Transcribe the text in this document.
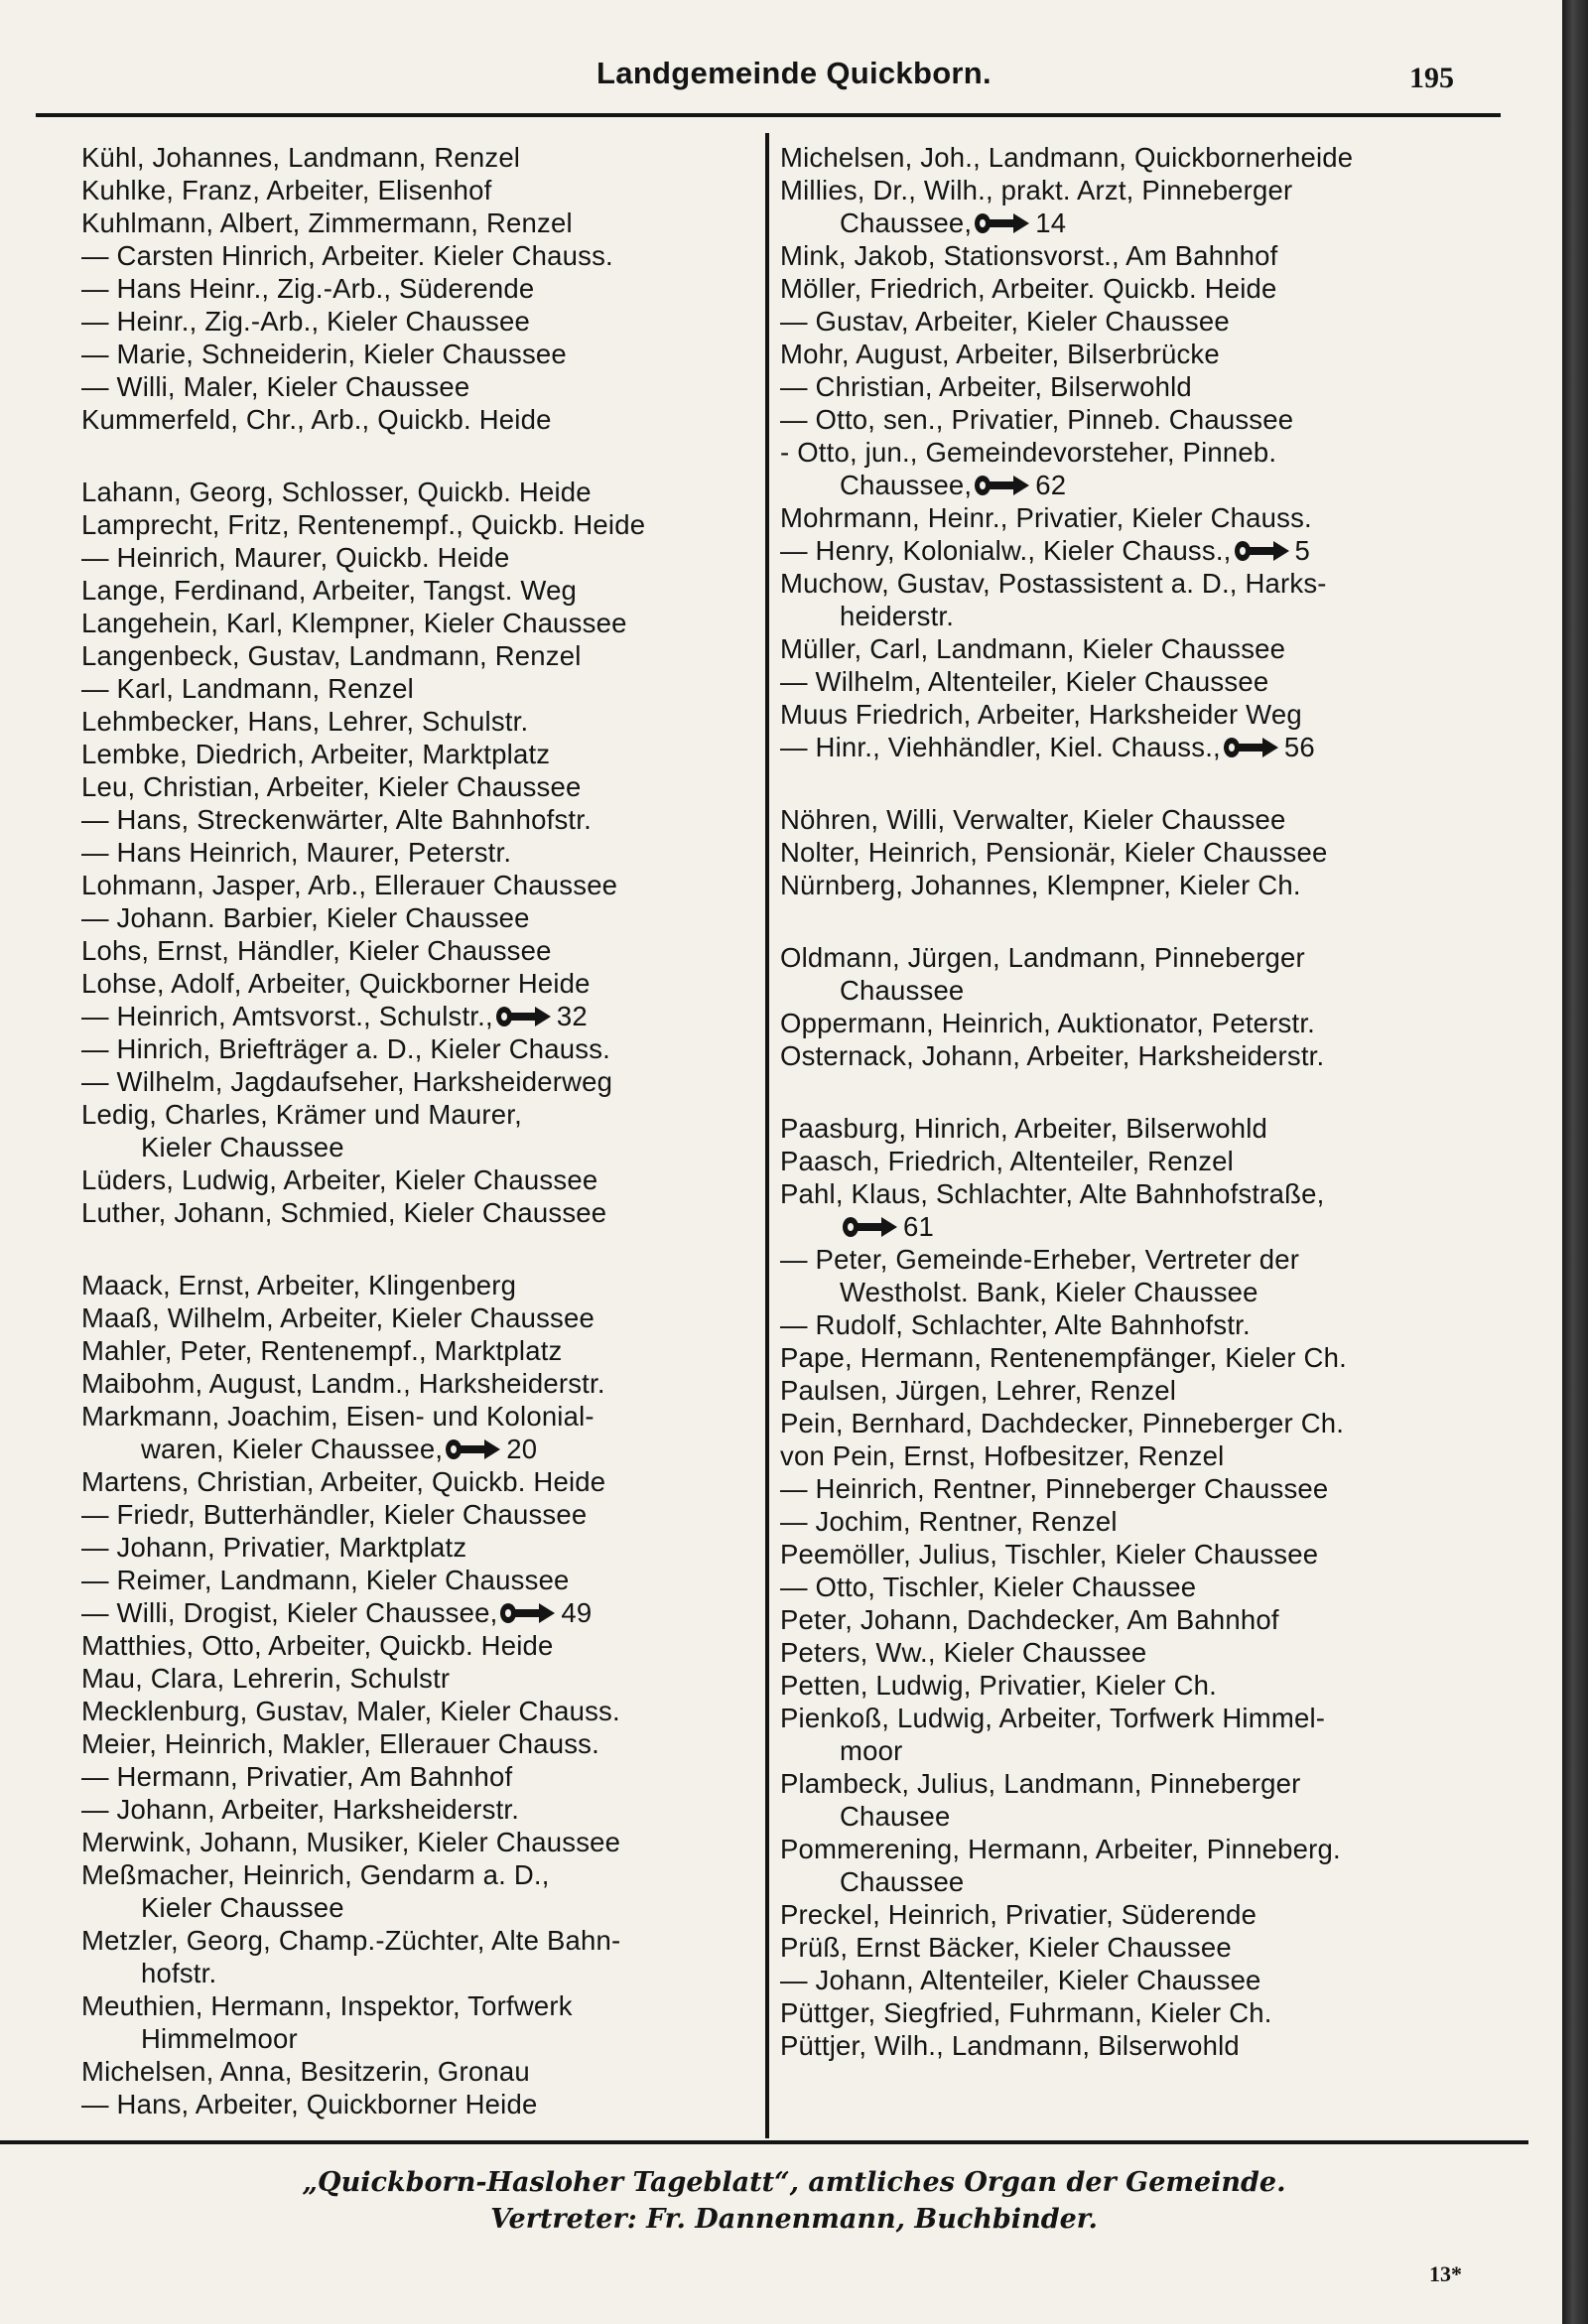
Landgemeinde Quickborn.	195
Kühl, Johannes, Landmann, Renzel
Kuhlke, Franz, Arbeiter, Elisenhof
Kuhlmann, Albert, Zimmermann, Renzel
— Carsten Hinrich, Arbeiter. Kieler Chauss.
— Hans Heinr., Zig.-Arb., Süderende
— Heinr., Zig.-Arb., Kieler Chaussee
— Marie, Schneiderin, Kieler Chaussee
— Willi, Maler, Kieler Chaussee
Kummerfeld, Chr., Arb., Quickb. Heide
Lahann, Georg, Schlosser, Quickb. Heide
Lamprecht, Fritz, Rentenempf., Quickb. Heide
— Heinrich, Maurer, Quickb. Heide
Lange, Ferdinand, Arbeiter, Tangst. Weg
Langehein, Karl, Klempner, Kieler Chaussee
Langenbeck, Gustav, Landmann, Renzel
— Karl, Landmann, Renzel
Lehmbecker, Hans, Lehrer, Schulstr.
Lembke, Diedrich, Arbeiter, Marktplatz
Leu, Christian, Arbeiter, Kieler Chaussee
— Hans, Streckenwärter, Alte Bahnhofstr.
— Hans Heinrich, Maurer, Peterstr.
Lohmann, Jasper, Arb., Ellerauer Chaussee
— Johann. Barbier, Kieler Chaussee
Lohs, Ernst, Händler, Kieler Chaussee
Lohse, Adolf, Arbeiter, Quickborner Heide
— Heinrich, Amtsvorst., Schulstr., 32
— Hinrich, Briefträger a. D., Kieler Chauss.
— Wilhelm, Jagdaufseher, Harksheiderweg
Ledig, Charles, Krämer und Maurer,
Kieler Chaussee
Lüders, Ludwig, Arbeiter, Kieler Chaussee
Luther, Johann, Schmied, Kieler Chaussee
Maack, Ernst, Arbeiter, Klingenberg
Maaß, Wilhelm, Arbeiter, Kieler Chaussee
Mahler, Peter, Rentenempf., Marktplatz
Maibohm, August, Landm., Harksheiderstr.
Markmann, Joachim, Eisen- und Kolonial-
waren, Kieler Chaussee, 20
Martens, Christian, Arbeiter, Quickb. Heide
— Friedr, Butterhändler, Kieler Chaussee
— Johann, Privatier, Marktplatz
— Reimer, Landmann, Kieler Chaussee
— Willi, Drogist, Kieler Chaussee, 49
Matthies, Otto, Arbeiter, Quickb. Heide
Mau, Clara, Lehrerin, Schulstr
Mecklenburg, Gustav, Maler, Kieler Chauss.
Meier, Heinrich, Makler, Ellerauer Chauss.
— Hermann, Privatier, Am Bahnhof
— Johann, Arbeiter, Harksheiderstr.
Merwink, Johann, Musiker, Kieler Chaussee
Meßmacher, Heinrich, Gendarm a. D.,
Kieler Chaussee
Metzler, Georg, Champ.-Züchter, Alte Bahn-
hofstr.
Meuthien, Hermann, Inspektor, Torfwerk
Himmelmoor
Michelsen, Anna, Besitzerin, Gronau
— Hans, Arbeiter, Quickborner Heide
Michelsen, Joh., Landmann, Quickbornerheide
Millies, Dr., Wilh., prakt. Arzt, Pinneberger
Chaussee, 14
Mink, Jakob, Stationsvorst., Am Bahnhof
Möller, Friedrich, Arbeiter. Quickb. Heide
— Gustav, Arbeiter, Kieler Chaussee
Mohr, August, Arbeiter, Bilserbrücke
— Christian, Arbeiter, Bilserwohld
— Otto, sen., Privatier, Pinneb. Chaussee
- Otto, jun., Gemeindevorsteher, Pinneb.
Chaussee, 62
Mohrmann, Heinr., Privatier, Kieler Chauss.
— Henry, Kolonialw., Kieler Chauss., 5
Muchow, Gustav, Postassistent a. D., Harks-
heiderstr.
Müller, Carl, Landmann, Kieler Chaussee
— Wilhelm, Altenteiler, Kieler Chaussee
Muus Friedrich, Arbeiter, Harksheider Weg
— Hinr., Viehhändler, Kiel. Chauss., 56
Nöhren, Willi, Verwalter, Kieler Chaussee
Nolter, Heinrich, Pensionär, Kieler Chaussee
Nürnberg, Johannes, Klempner, Kieler Ch.
Oldmann, Jürgen, Landmann, Pinneberger
Chaussee
Oppermann, Heinrich, Auktionator, Peterstr.
Osternack, Johann, Arbeiter, Harksheiderstr.
Paasburg, Hinrich, Arbeiter, Bilserwohld
Paasch, Friedrich, Altenteiler, Renzel
Pahl, Klaus, Schlachter, Alte Bahnhofstraße,
61
— Peter, Gemeinde-Erheber, Vertreter der
Westholst. Bank, Kieler Chaussee
— Rudolf, Schlachter, Alte Bahnhofstr.
Pape, Hermann, Rentenempfänger, Kieler Ch.
Paulsen, Jürgen, Lehrer, Renzel
Pein, Bernhard, Dachdecker, Pinneberger Ch.
von Pein, Ernst, Hofbesitzer, Renzel
— Heinrich, Rentner, Pinneberger Chaussee
— Jochim, Rentner, Renzel
Peemöller, Julius, Tischler, Kieler Chaussee
— Otto, Tischler, Kieler Chaussee
Peter, Johann, Dachdecker, Am Bahnhof
Peters, Ww., Kieler Chaussee
Petten, Ludwig, Privatier, Kieler Ch.
Pienkoß, Ludwig, Arbeiter, Torfwerk Himmel-
moor
Plambeck, Julius, Landmann, Pinneberger
Chausee
Pommerening, Hermann, Arbeiter, Pinneberg.
Chaussee
Preckel, Heinrich, Privatier, Süderende
Prüß, Ernst Bäcker, Kieler Chaussee
— Johann, Altenteiler, Kieler Chaussee
Püttger, Siegfried, Fuhrmann, Kieler Ch.
Püttjer, Wilh., Landmann, Bilserwohld
„Quickborn-Hasloher Tageblatt“, amtliches Organ der Gemeinde.
Vertreter: Fr. Dannenmann, Buchbinder.
13*
